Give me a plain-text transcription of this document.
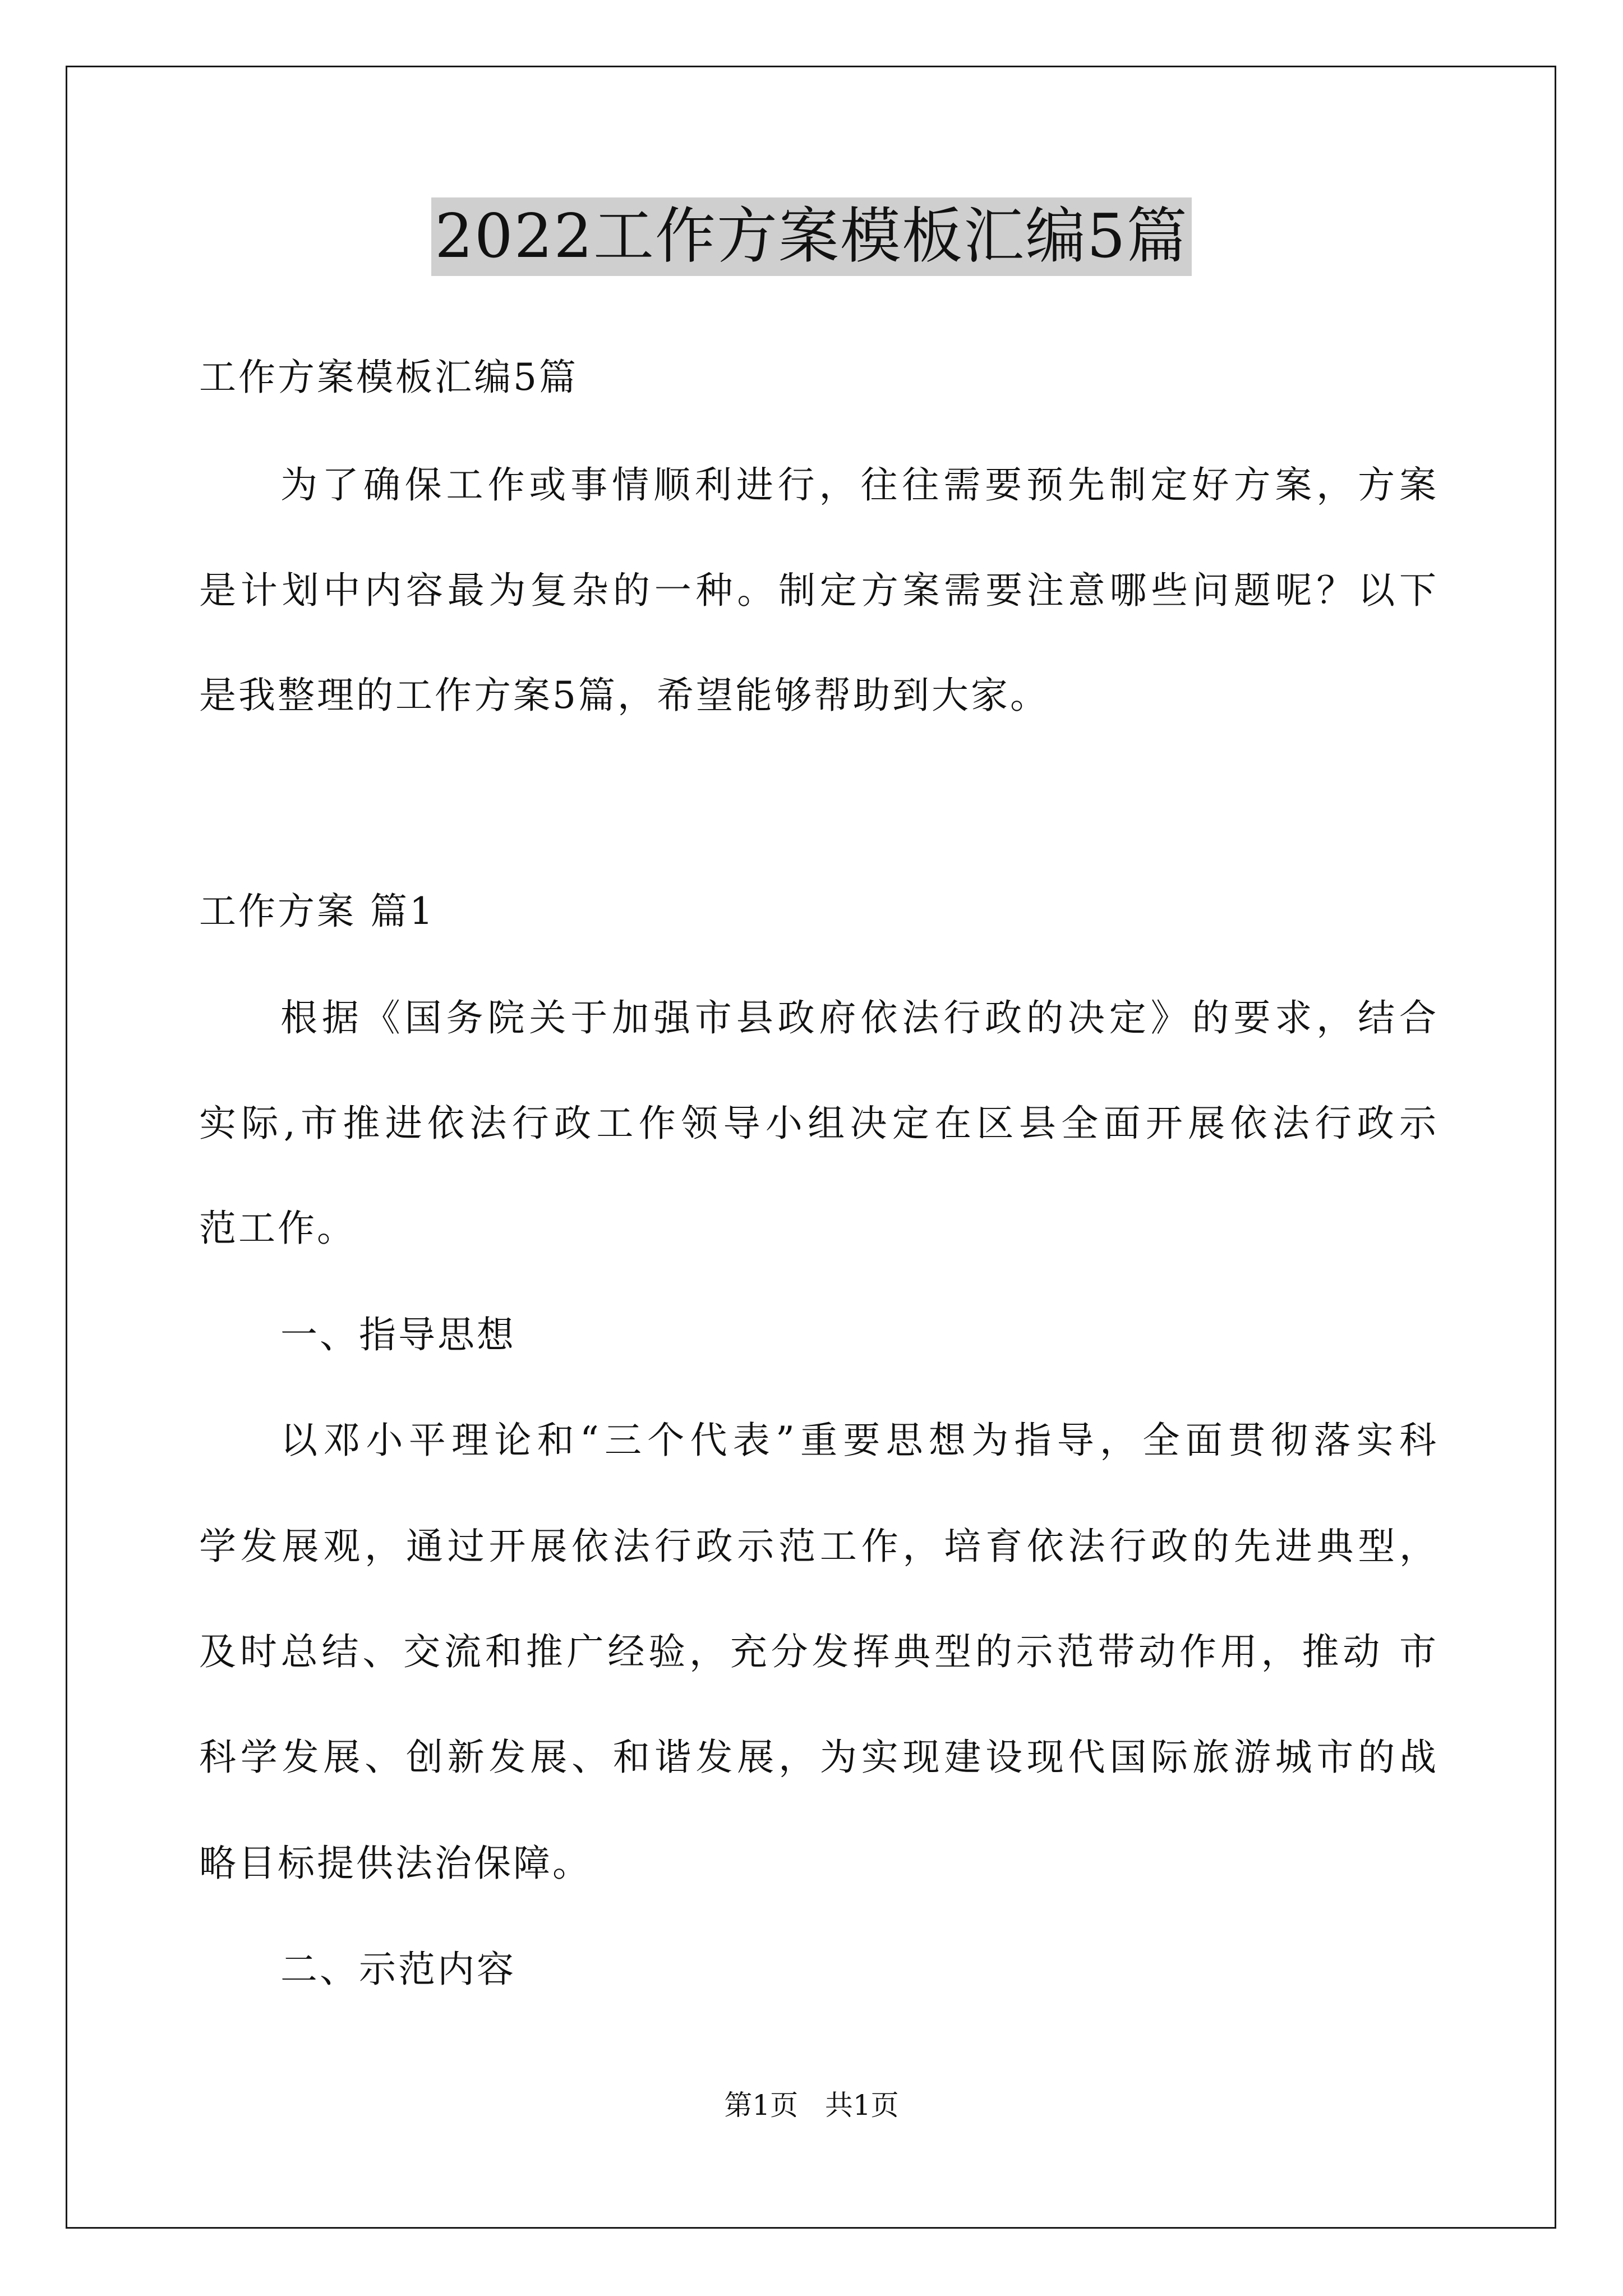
2022工作方案模板汇编5篇
工作方案模板汇编5篇
为了确保工作或事情顺利进行，往往需要预先制定好方案，方案
是计划中内容最为复杂的一种。制定方案需要注意哪些问题呢？以下
是我整理的工作方案5篇，希望能够帮助到大家。
工作方案 篇1
根据《国务院关于加强市县政府依法行政的决定》的要求，结合
实际,市推进依法行政工作领导小组决定在区县全面开展依法行政示
范工作。
一、指导思想
以邓小平理论和“三个代表”重要思想为指导，全面贯彻落实科
学发展观，通过开展依法行政示范工作，培育依法行政的先进典型，
及时总结、交流和推广经验，充分发挥典型的示范带动作用，推动 市
科学发展、创新发展、和谐发展，为实现建设现代国际旅游城市的战
略目标提供法治保障。
二、示范内容
第1页   共1页
